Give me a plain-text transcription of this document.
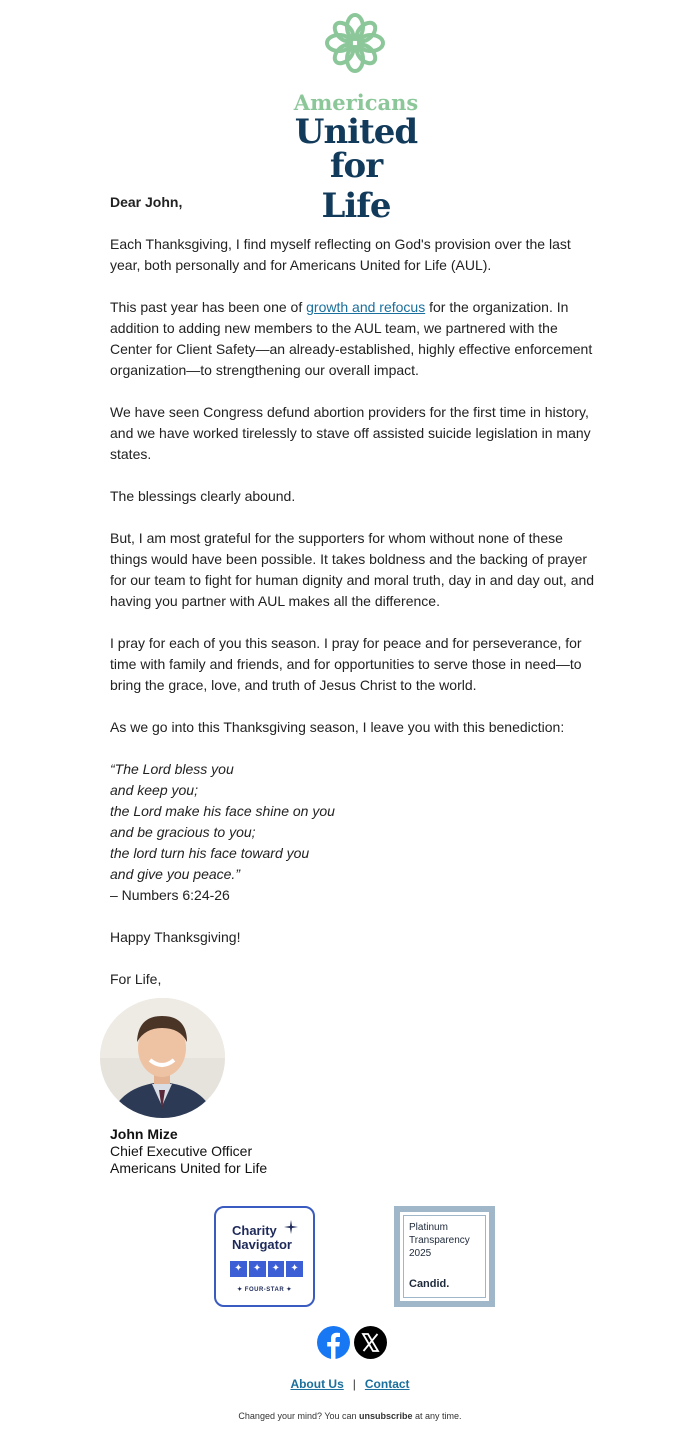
Americans
United
for Life

Dear John,

Each Thanksgiving, I find myself reflecting on God's provision over the last year, both personally and for Americans United for Life (AUL).

This past year has been one of growth and refocus for the organization. In addition to adding new members to the AUL team, we partnered with the Center for Client Safety—an already-established, highly effective enforcement organization—to strengthening our overall impact.

We have seen Congress defund abortion providers for the first time in history, and we have worked tirelessly to stave off assisted suicide legislation in many states.

The blessings clearly abound.

But, I am most grateful for the supporters for whom without none of these things would have been possible. It takes boldness and the backing of prayer for our team to fight for human dignity and moral truth, day in and day out, and having you partner with AUL makes all the difference.

I pray for each of you this season. I pray for peace and for perseverance, for time with family and friends, and for opportunities to serve those in need—to bring the grace, love, and truth of Jesus Christ to the world.

As we go into this Thanksgiving season, I leave you with this benediction:

“The Lord bless you
and keep you;
the Lord make his face shine on you
and be gracious to you;
the lord turn his face toward you
and give you peace.”
– Numbers 6:24-26

Happy Thanksgiving!

For Life,

John Mize
Chief Executive Officer
Americans United for Life
Charity Navigator
✦	✦	✦	✦
✦ FOUR-STAR ✦
Platinum
Transparency
2025
Candid.
About Us | Contact
Changed your mind? You can unsubscribe at any time.
